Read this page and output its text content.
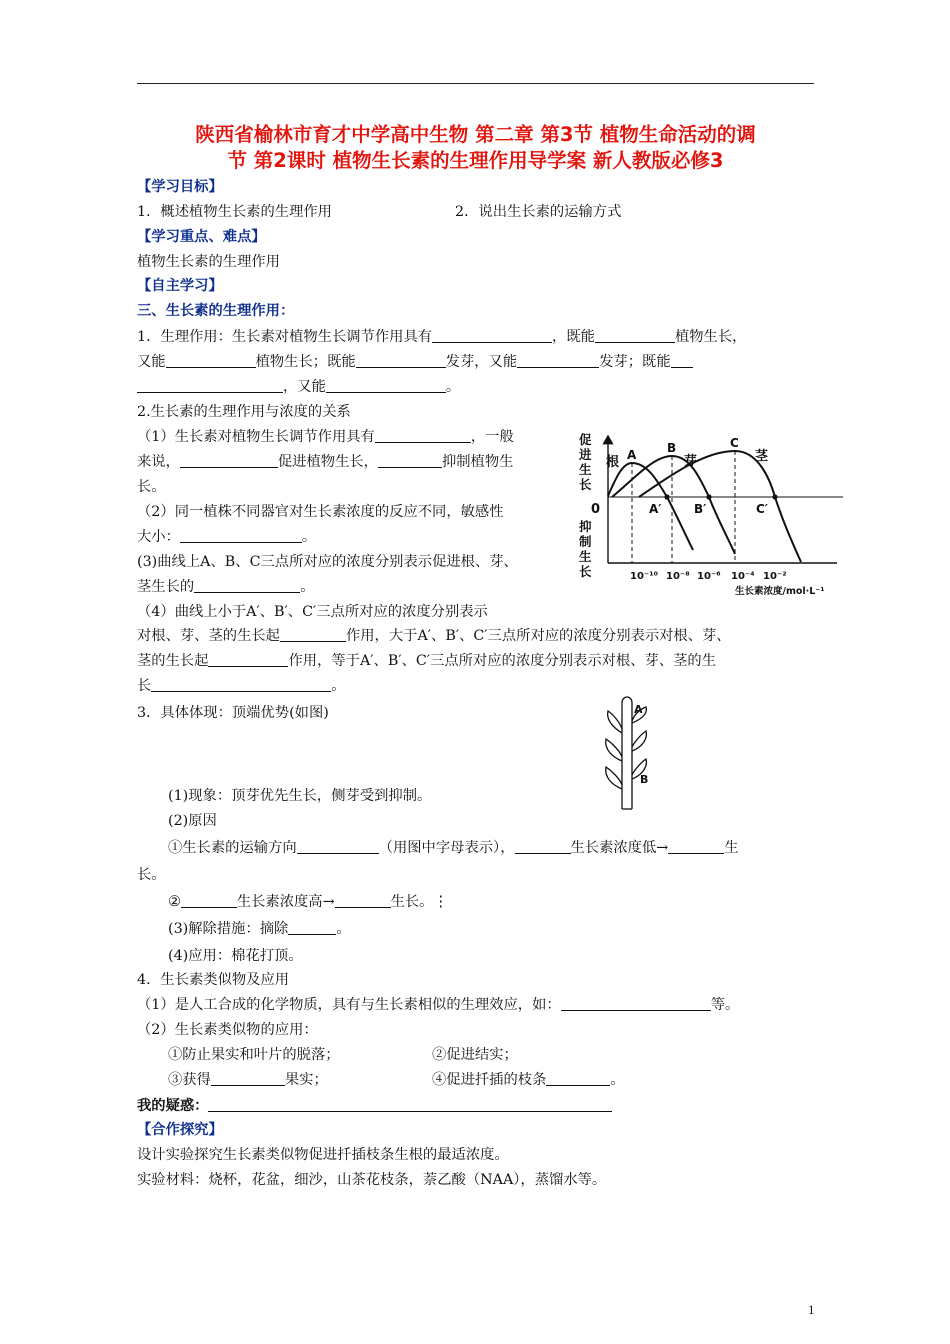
陕西省榆林市育才中学高中生物 第二章 第3节 植物生命活动的调
节 第2课时 植物生长素的生理作用导学案 新人教版必修3
【学习目标】
1．概述植物生长素的生理作用	2．说出生长素的运输方式
【学习重点、难点】
植物生长素的生理作用
【自主学习】
三、生长素的生理作用：
1．生理作用：生长素对植物生长调节作用具有	，既能	植物生长，
又能	植物生长；既能	发芽，又能	发芽；既能
，又能	。
2.生长素的生理作用与浓度的关系
（1）生长素对植物生长调节作用具有	，一般
来说，	促进植物生长，	抑制植物生
长。
（2）同一植株不同器官对生长素浓度的反应不同，敏感性
大小：	。
(3)曲线上A、B、C三点所对应的浓度分别表示促进根、芽、
茎生长的	。
（4）曲线上小于A′、B′、C′三点所对应的浓度分别表示
对根、芽、茎的生长起	作用，大于A′、B′、C′三点所对应的浓度分别表示对根、芽、
茎的生长起	作用，等于A′、B′、C′三点所对应的浓度分别表示对根、芽、茎的生
长	。
促
进
生
长
0
抑
制
生
长
根	芽	茎
A	B	C
A′	B′	C′
10⁻¹⁰ 10⁻⁸ 10⁻⁶ 10⁻⁴ 10⁻²
生长素浓度/mol·L⁻¹
3．具体体现：顶端优势(如图)	A
B
(1)现象：顶芽优先生长，侧芽受到抑制。
(2)原因
①生长素的运输方向	（用图中字母表示），	生长素浓度低→	生
长。
②	生长素浓度高→	生长。⋮
(3)解除措施：摘除	。
(4)应用：棉花打顶。
4．生长素类似物及应用
（1）是人工合成的化学物质，具有与生长素相似的生理效应，如：	等。
（2）生长素类似物的应用：
①防止果实和叶片的脱落；	②促进结实；
③获得	果实；	④促进扦插的枝条	。
我的疑惑：
【合作探究】
设计实验探究生长素类似物促进扦插枝条生根的最适浓度。
实验材料：烧杯，花盆，细沙，山茶花枝条，萘乙酸（NAA），蒸馏水等。
1
